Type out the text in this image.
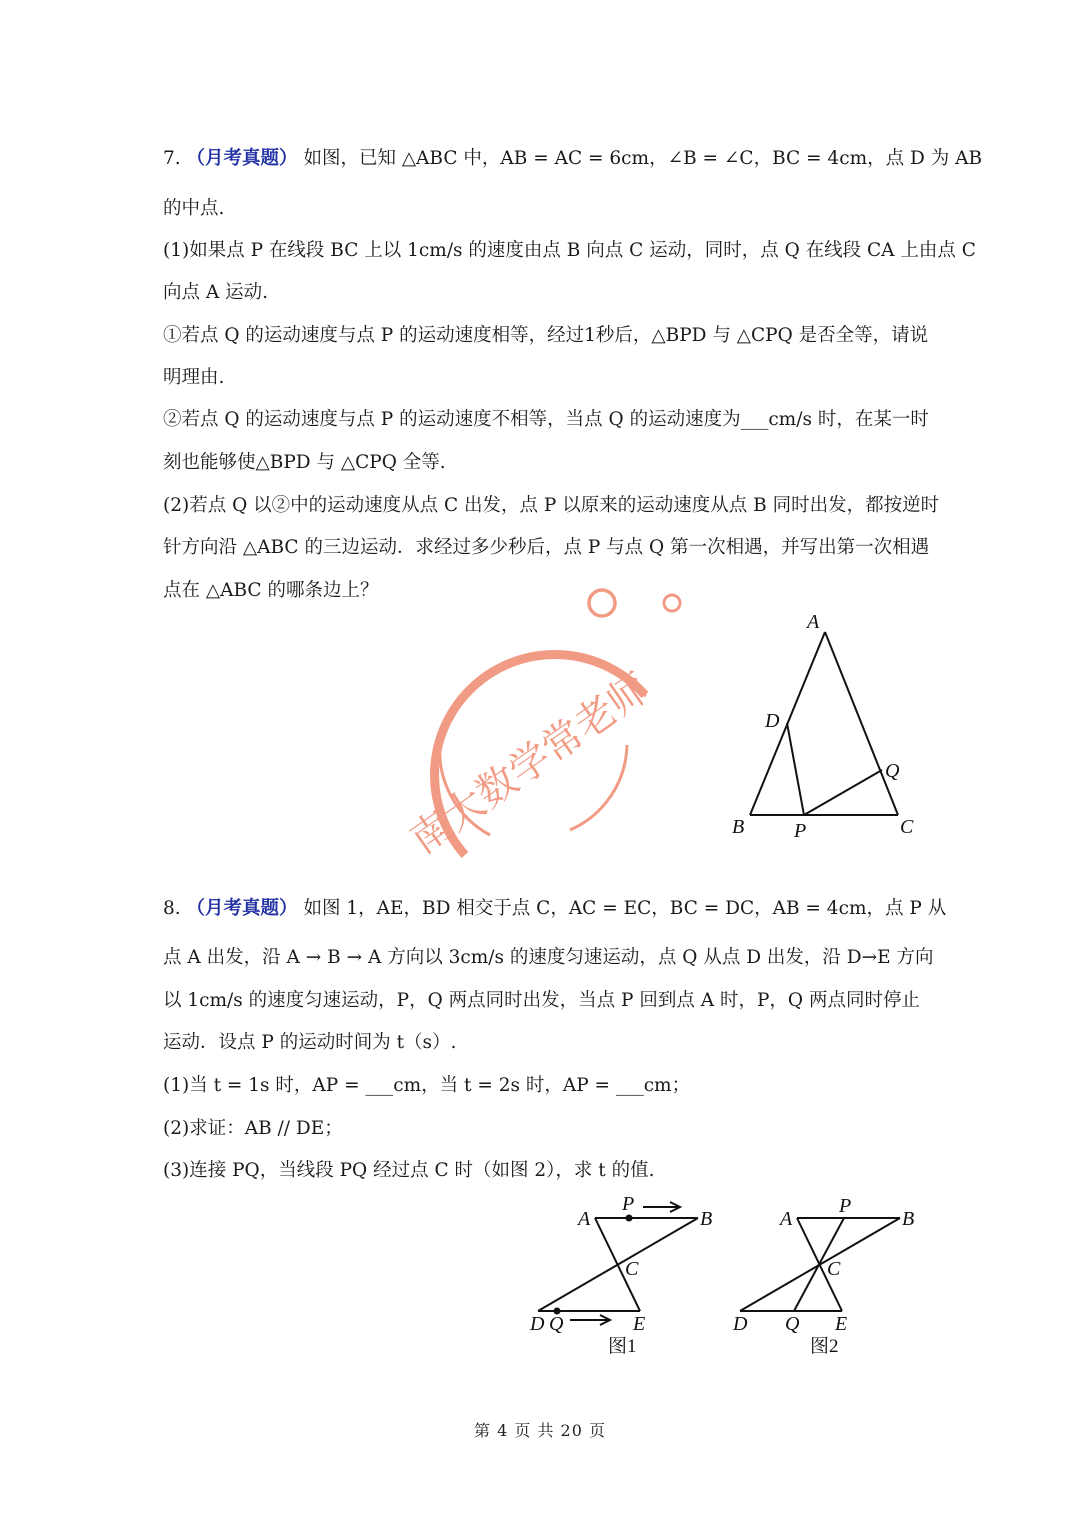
7. （月考真题） 如图，已知 △ABC 中，AB = AC = 6cm，∠B = ∠C，BC = 4cm，点 D 为 AB
的中点.
(1)如果点 P 在线段 BC 上以 1cm/s 的速度由点 B 向点 C 运动，同时，点 Q 在线段 CA 上由点 C
向点 A 运动.
①若点 Q 的运动速度与点 P 的运动速度相等，经过1秒后，△BPD 与 △CPQ 是否全等，请说
明理由.
②若点 Q 的运动速度与点 P 的运动速度不相等，当点 Q 的运动速度为___cm/s 时，在某一时
刻也能够使△BPD 与 △CPQ 全等.
(2)若点 Q 以②中的运动速度从点 C 出发，点 P 以原来的运动速度从点 B 同时出发，都按逆时
针方向沿 △ABC 的三边运动．求经过多少秒后，点 P 与点 Q 第一次相遇，并写出第一次相遇
点在 △ABC 的哪条边上？
A
D
Q
B P	C
南大数学常老师
8. （月考真题） 如图 1，AE，BD 相交于点 C，AC = EC，BC = DC，AB = 4cm，点 P 从
点 A 出发，沿 A → B → A 方向以 3cm/s 的速度匀速运动，点 Q 从点 D 出发，沿 D→E 方向
以 1cm/s 的速度匀速运动，P，Q 两点同时出发，当点 P 回到点 A 时，P，Q 两点同时停止
运动．设点 P 的运动时间为 t（s）.
(1)当 t = 1s 时，AP = ___cm，当 t = 2s 时，AP = ___cm；
(2)求证：AB // DE；
(3)连接 PQ，当线段 PQ 经过点 C 时（如图 2），求 t 的值.
A
P
B
C
D Q	E
图1
A
P
B
C
D Q E
图2
第 4 页 共 20 页
